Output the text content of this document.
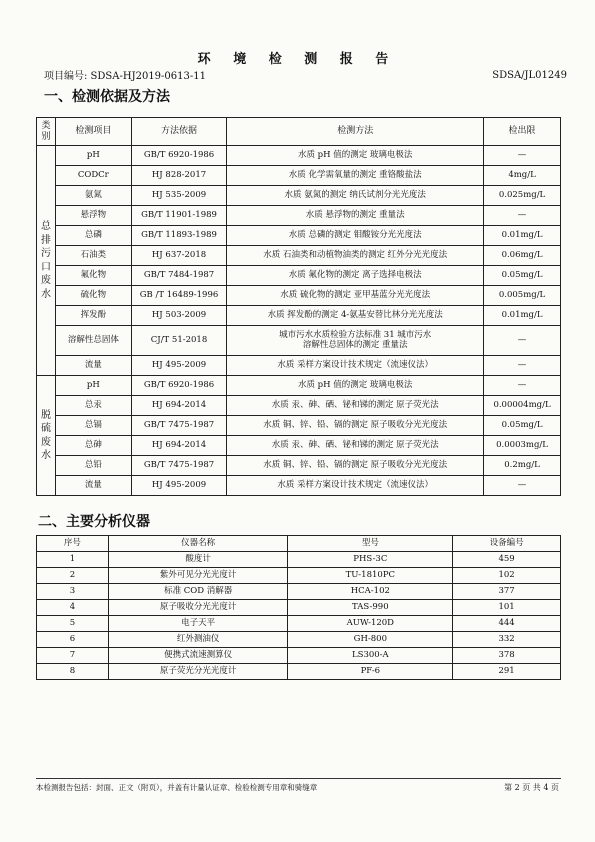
环 境 检 测 报 告
项目编号: SDSA-HJ2019-0613-11	SDSA/JL01249
一、检测依据及方法
类别	检测项目	方法依据	检测方法	检出限
总排污口废水	pH	GB/T 6920-1986	水质 pH 值的测定 玻璃电极法	—
	CODCr	HJ 828-2017	水质 化学需氧量的测定 重铬酸盐法	4mg/L
	氨氮	HJ 535-2009	水质 氨氮的测定 纳氏试剂分光光度法	0.025mg/L
	悬浮物	GB/T 11901-1989	水质 悬浮物的测定 重量法	—
	总磷	GB/T 11893-1989	水质 总磷的测定 钼酸铵分光光度法	0.01mg/L
	石油类	HJ 637-2018	水质 石油类和动植物油类的测定 红外分光光度法	0.06mg/L
	氟化物	GB/T 7484-1987	水质 氟化物的测定 离子选择电极法	0.05mg/L
	硫化物	GB /T 16489-1996	水质 硫化物的测定 亚甲基蓝分光光度法	0.005mg/L
	挥发酚	HJ 503-2009	水质 挥发酚的测定 4-氨基安替比林分光光度法	0.01mg/L
	溶解性总固体	CJ/T 51-2018	城市污水水质检验方法标准 31 城市污水
溶解性总固体的测定 重量法	—
	流量	HJ 495-2009	水质 采样方案设计技术规定（流速仪法）	—
脱硫废水	pH	GB/T 6920-1986	水质 pH 值的测定 玻璃电极法	—
	总汞	HJ 694-2014	水质 汞、砷、硒、铋和锑的测定 原子荧光法	0.00004mg/L
	总镉	GB/T 7475-1987	水质 铜、锌、铅、镉的测定 原子吸收分光光度法	0.05mg/L
	总砷	HJ 694-2014	水质 汞、砷、硒、铋和锑的测定 原子荧光法	0.0003mg/L
	总铅	GB/T 7475-1987	水质 铜、锌、铅、镉的测定 原子吸收分光光度法	0.2mg/L
	流量	HJ 495-2009	水质 采样方案设计技术规定（流速仪法）	—
二、主要分析仪器
序号	仪器名称	型号	设备编号
1	酸度计	PHS-3C	459
2	紫外可见分光光度计	TU-1810PC	102
3	标准 COD 消解器	HCA-102	377
4	原子吸收分光光度计	TAS-990	101
5	电子天平	AUW-120D	444
6	红外测油仪	GH-800	332
7	便携式流速测算仪	LS300-A	378
8	原子荧光分光光度计	PF-6	291
本检测报告包括：封面、正文（附页），并盖有计量认证章、检验检测专用章和骑缝章	第 2 页 共 4 页
